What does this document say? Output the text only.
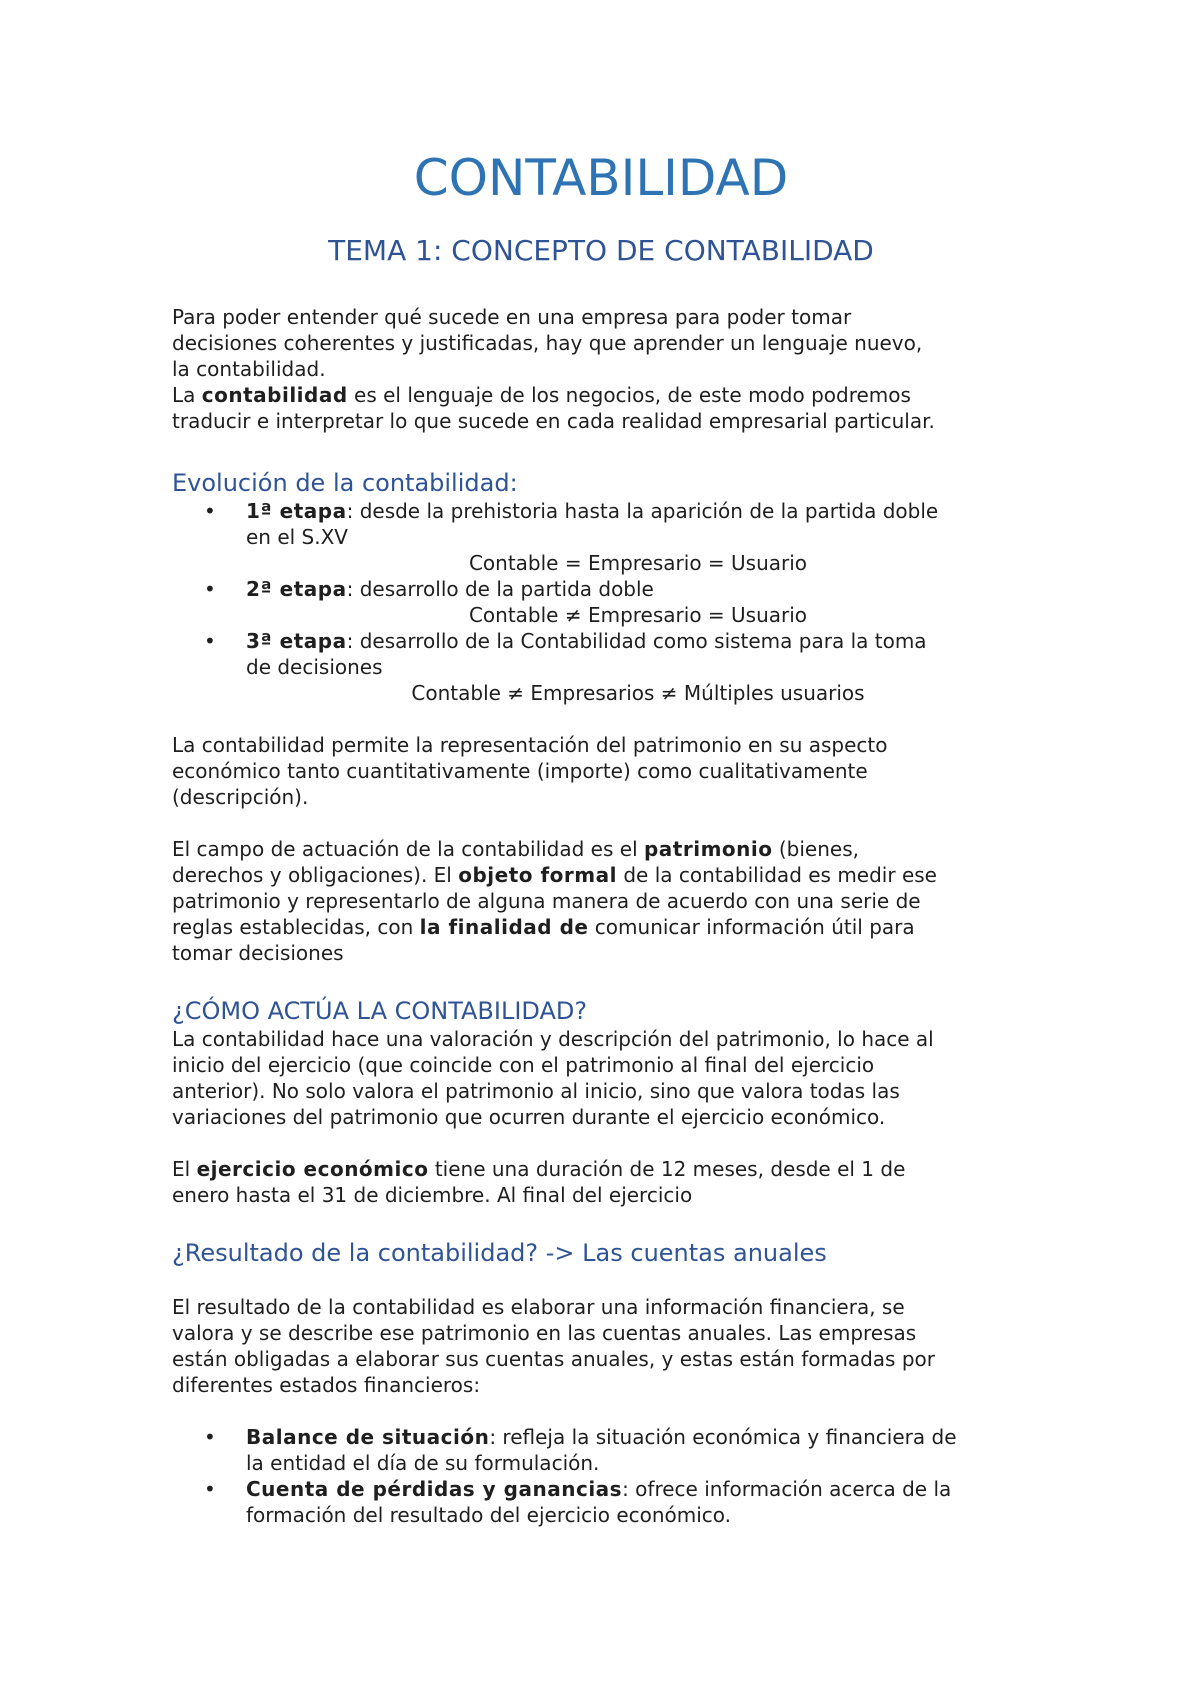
CONTABILIDAD
TEMA 1: CONCEPTO DE CONTABILIDAD

Para poder entender qué sucede en una empresa para poder tomar
decisiones coherentes y justificadas, hay que aprender un lenguaje nuevo,
la contabilidad.

La contabilidad es el lenguaje de los negocios, de este modo podremos
traducir e interpretar lo que sucede en cada realidad empresarial particular.

Evolución de la contabilidad:
• 1ª etapa: desde la prehistoria hasta la aparición de la partida doble
en el S.XV
Contable = Empresario = Usuario
• 2ª etapa: desarrollo de la partida doble
Contable ≠ Empresario = Usuario
• 3ª etapa: desarrollo de la Contabilidad como sistema para la toma
de decisiones
Contable ≠ Empresarios ≠ Múltiples usuarios

La contabilidad permite la representación del patrimonio en su aspecto
económico tanto cuantitativamente (importe) como cualitativamente
(descripción).

El campo de actuación de la contabilidad es el patrimonio (bienes,
derechos y obligaciones). El objeto formal de la contabilidad es medir ese
patrimonio y representarlo de alguna manera de acuerdo con una serie de
reglas establecidas, con la finalidad de comunicar información útil para
tomar decisiones

¿CÓMO ACTÚA LA CONTABILIDAD?

La contabilidad hace una valoración y descripción del patrimonio, lo hace al
inicio del ejercicio (que coincide con el patrimonio al final del ejercicio
anterior). No solo valora el patrimonio al inicio, sino que valora todas las
variaciones del patrimonio que ocurren durante el ejercicio económico.

El ejercicio económico tiene una duración de 12 meses, desde el 1 de
enero hasta el 31 de diciembre. Al final del ejercicio

¿Resultado de la contabilidad? -> Las cuentas anuales

El resultado de la contabilidad es elaborar una información financiera, se
valora y se describe ese patrimonio en las cuentas anuales. Las empresas
están obligadas a elaborar sus cuentas anuales, y estas están formadas por
diferentes estados financieros:

• Balance de situación: refleja la situación económica y financiera de
la entidad el día de su formulación.
• Cuenta de pérdidas y ganancias: ofrece información acerca de la
formación del resultado del ejercicio económico.
